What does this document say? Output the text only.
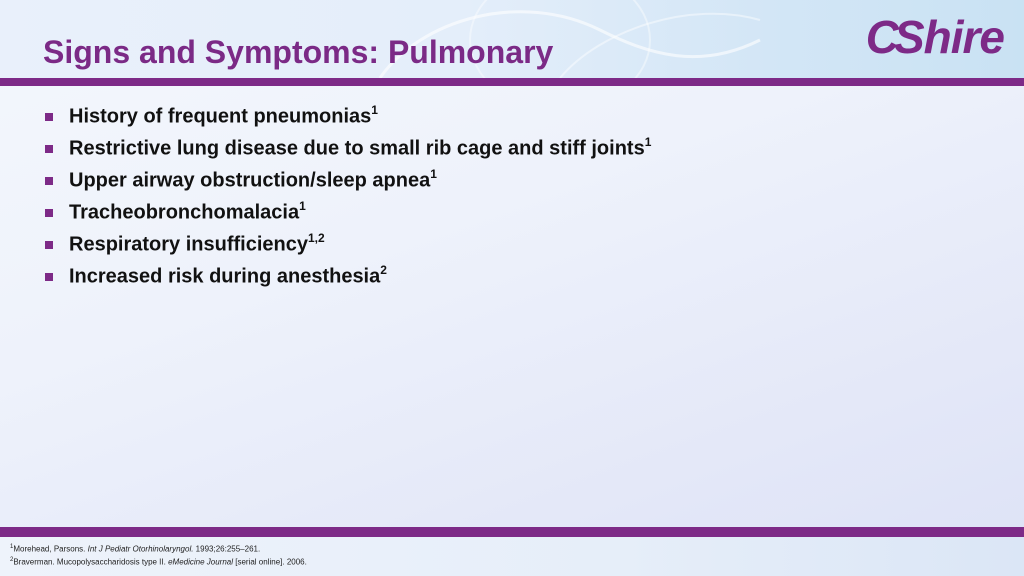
Signs and Symptoms: Pulmonary	CShire
History of frequent pneumonias$^1$
Restrictive lung disease due to small rib cage and stiff joints$^1$
Upper airway obstruction/sleep apnea$^1$
Tracheobronchomalacia$^1$
Respiratory insufficiency$^{1,2}$
Increased risk during anesthesia$^2$
$^1$Morehead, Parsons. Int J Pediatr Otorhinolaryngol. 1993;26:255–261.
$^2$Braverman. Mucopolysaccharidosis type II. eMedicine Journal [serial online]. 2006.
